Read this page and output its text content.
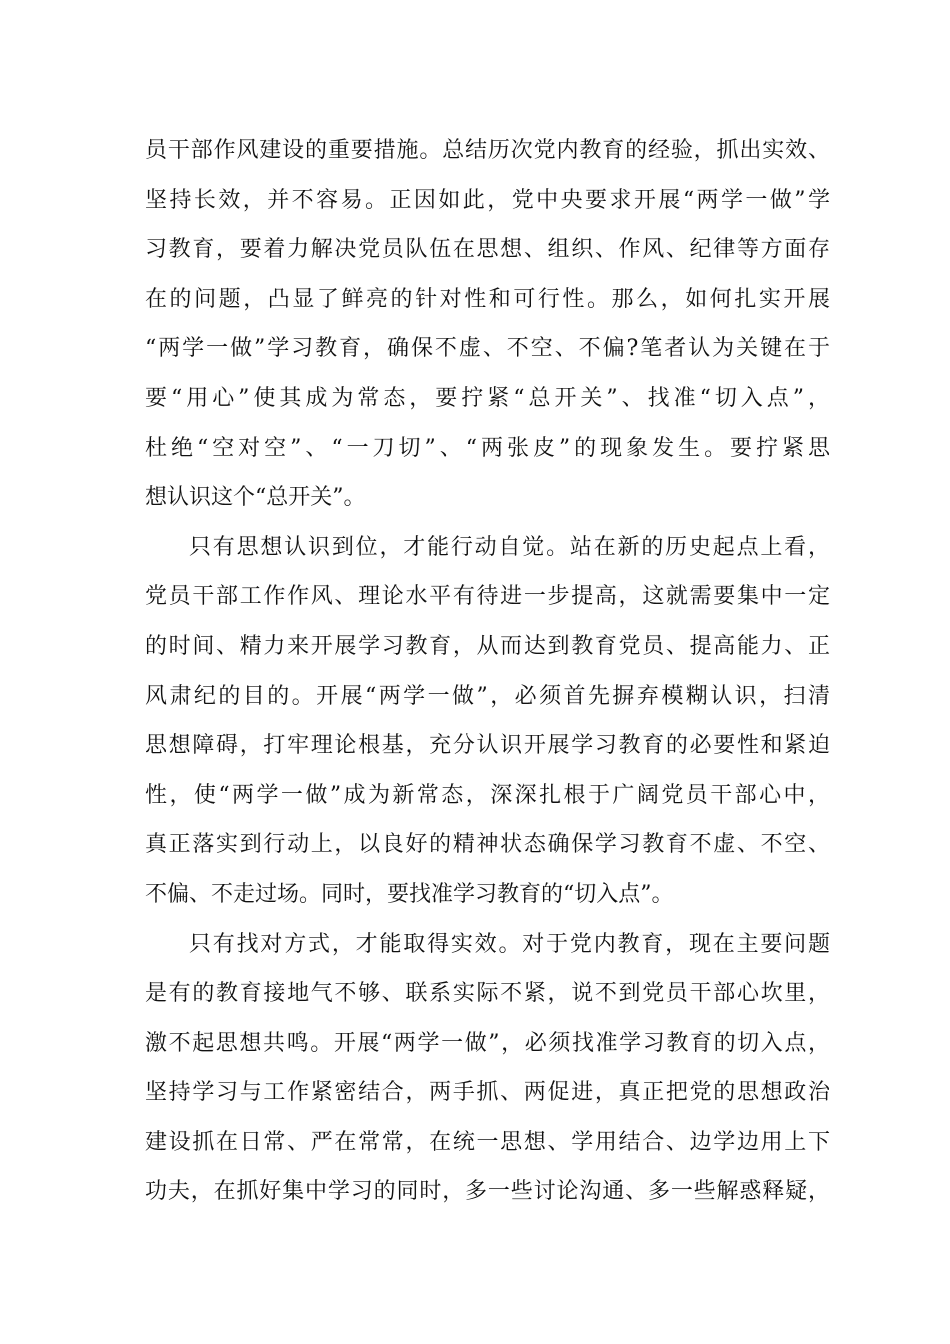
员干部作风建设的重要措施。总结历次党内教育的经验，抓出实效、
坚持长效，并不容易。正因如此，党中央要求开展“两学一做”学
习教育，要着力解决党员队伍在思想、组织、作风、纪律等方面存
在的问题，凸显了鲜亮的针对性和可行性。那么，如何扎实开展
“两学一做”学习教育，确保不虚、不空、不偏?笔者认为关键在于
要“用心”使其成为常态，要拧紧“总开关”、找准“切入点”，
杜绝“空对空”、“一刀切”、“两张皮”的现象发生。要拧紧思
想认识这个“总开关”。
只有思想认识到位，才能行动自觉。站在新的历史起点上看，
党员干部工作作风、理论水平有待进一步提高，这就需要集中一定
的时间、精力来开展学习教育，从而达到教育党员、提高能力、正
风肃纪的目的。开展“两学一做”，必须首先摒弃模糊认识，扫清
思想障碍，打牢理论根基，充分认识开展学习教育的必要性和紧迫
性，使“两学一做”成为新常态，深深扎根于广阔党员干部心中，
真正落实到行动上，以良好的精神状态确保学习教育不虚、不空、
不偏、不走过场。同时，要找准学习教育的“切入点”。
只有找对方式，才能取得实效。对于党内教育，现在主要问题
是有的教育接地气不够、联系实际不紧，说不到党员干部心坎里，
激不起思想共鸣。开展“两学一做”，必须找准学习教育的切入点，
坚持学习与工作紧密结合，两手抓、两促进，真正把党的思想政治
建设抓在日常、严在常常，在统一思想、学用结合、边学边用上下
功夫，在抓好集中学习的同时，多一些讨论沟通、多一些解惑释疑，
